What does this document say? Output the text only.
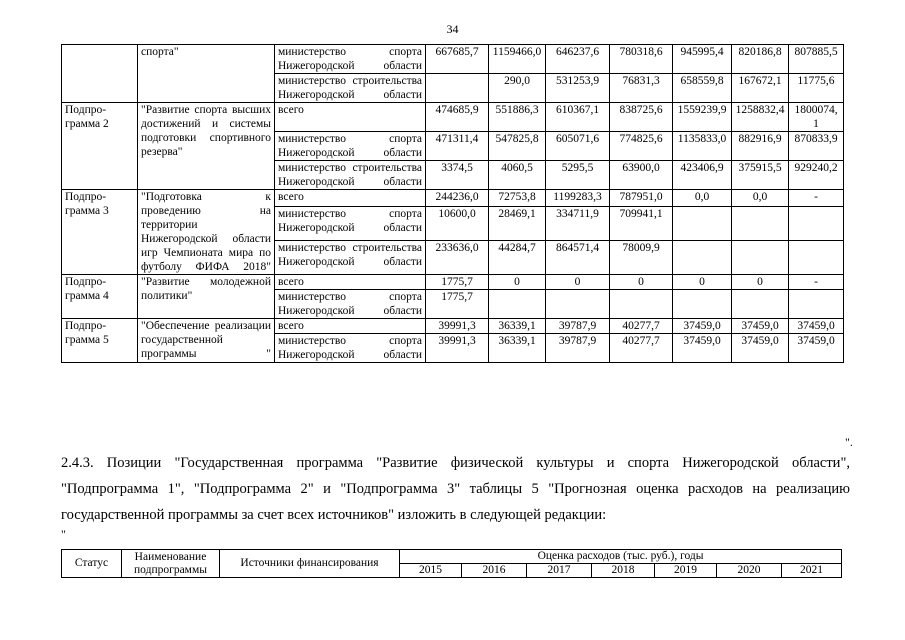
34
	спорта"	министерство спорта Нижегородской области	667685,7	1159466,0	646237,6	780318,6	945995,4	820186,8	807885,5
		министерство строительства Нижегородской области		290,0	531253,9	76831,3	658559,8	167672,1	11775,6
Подпро-грамма 2	"Развитие спорта высших достижений и системы подготовки спортивного резерва"	всего	474685,9	551886,3	610367,1	838725,6	1559239,9	1258832,4	1800074,1
		министерство спорта Нижегородской области	471311,4	547825,8	605071,6	774825,6	1135833,0	882916,9	870833,9
		министерство строительства Нижегородской области	3374,5	4060,5	5295,5	63900,0	423406,9	375915,5	929240,2
Подпро-грамма 3	"Подготовка к проведению на территории Нижегородской области игр Чемпионата мира по футболу ФИФА 2018"	всего	244236,0	72753,8	1199283,3	787951,0	0,0	0,0	-
		министерство спорта Нижегородской области	10600,0	28469,1	334711,9	709941,1			
		министерство строительства Нижегородской области	233636,0	44284,7	864571,4	78009,9			
Подпро-грамма 4	"Развитие молодежной политики"	всего	1775,7	0	0	0	0	0	-
		министерство спорта Нижегородской области	1775,7						
Подпро-грамма 5	"Обеспечение реализации государственной программы "	всего	39991,3	36339,1	39787,9	40277,7	37459,0	37459,0	37459,0
		министерство спорта Нижегородской области	39991,3	36339,1	39787,9	40277,7	37459,0	37459,0	37459,0
".

2.4.3. Позиции "Государственная программа "Развитие физической культуры и спорта Нижегородской области", "Подпрограмма 1", "Подпрограмма 2" и "Подпрограмма 3" таблицы 5 "Прогнозная оценка расходов на реализацию государственной программы за счет всех источников" изложить в следующей редакции:

"
Статус	Наименование подпрограммы	Источники финансирования	Оценка расходов (тыс. руб.), годы						
			2015	2016	2017	2018	2019	2020	2021
